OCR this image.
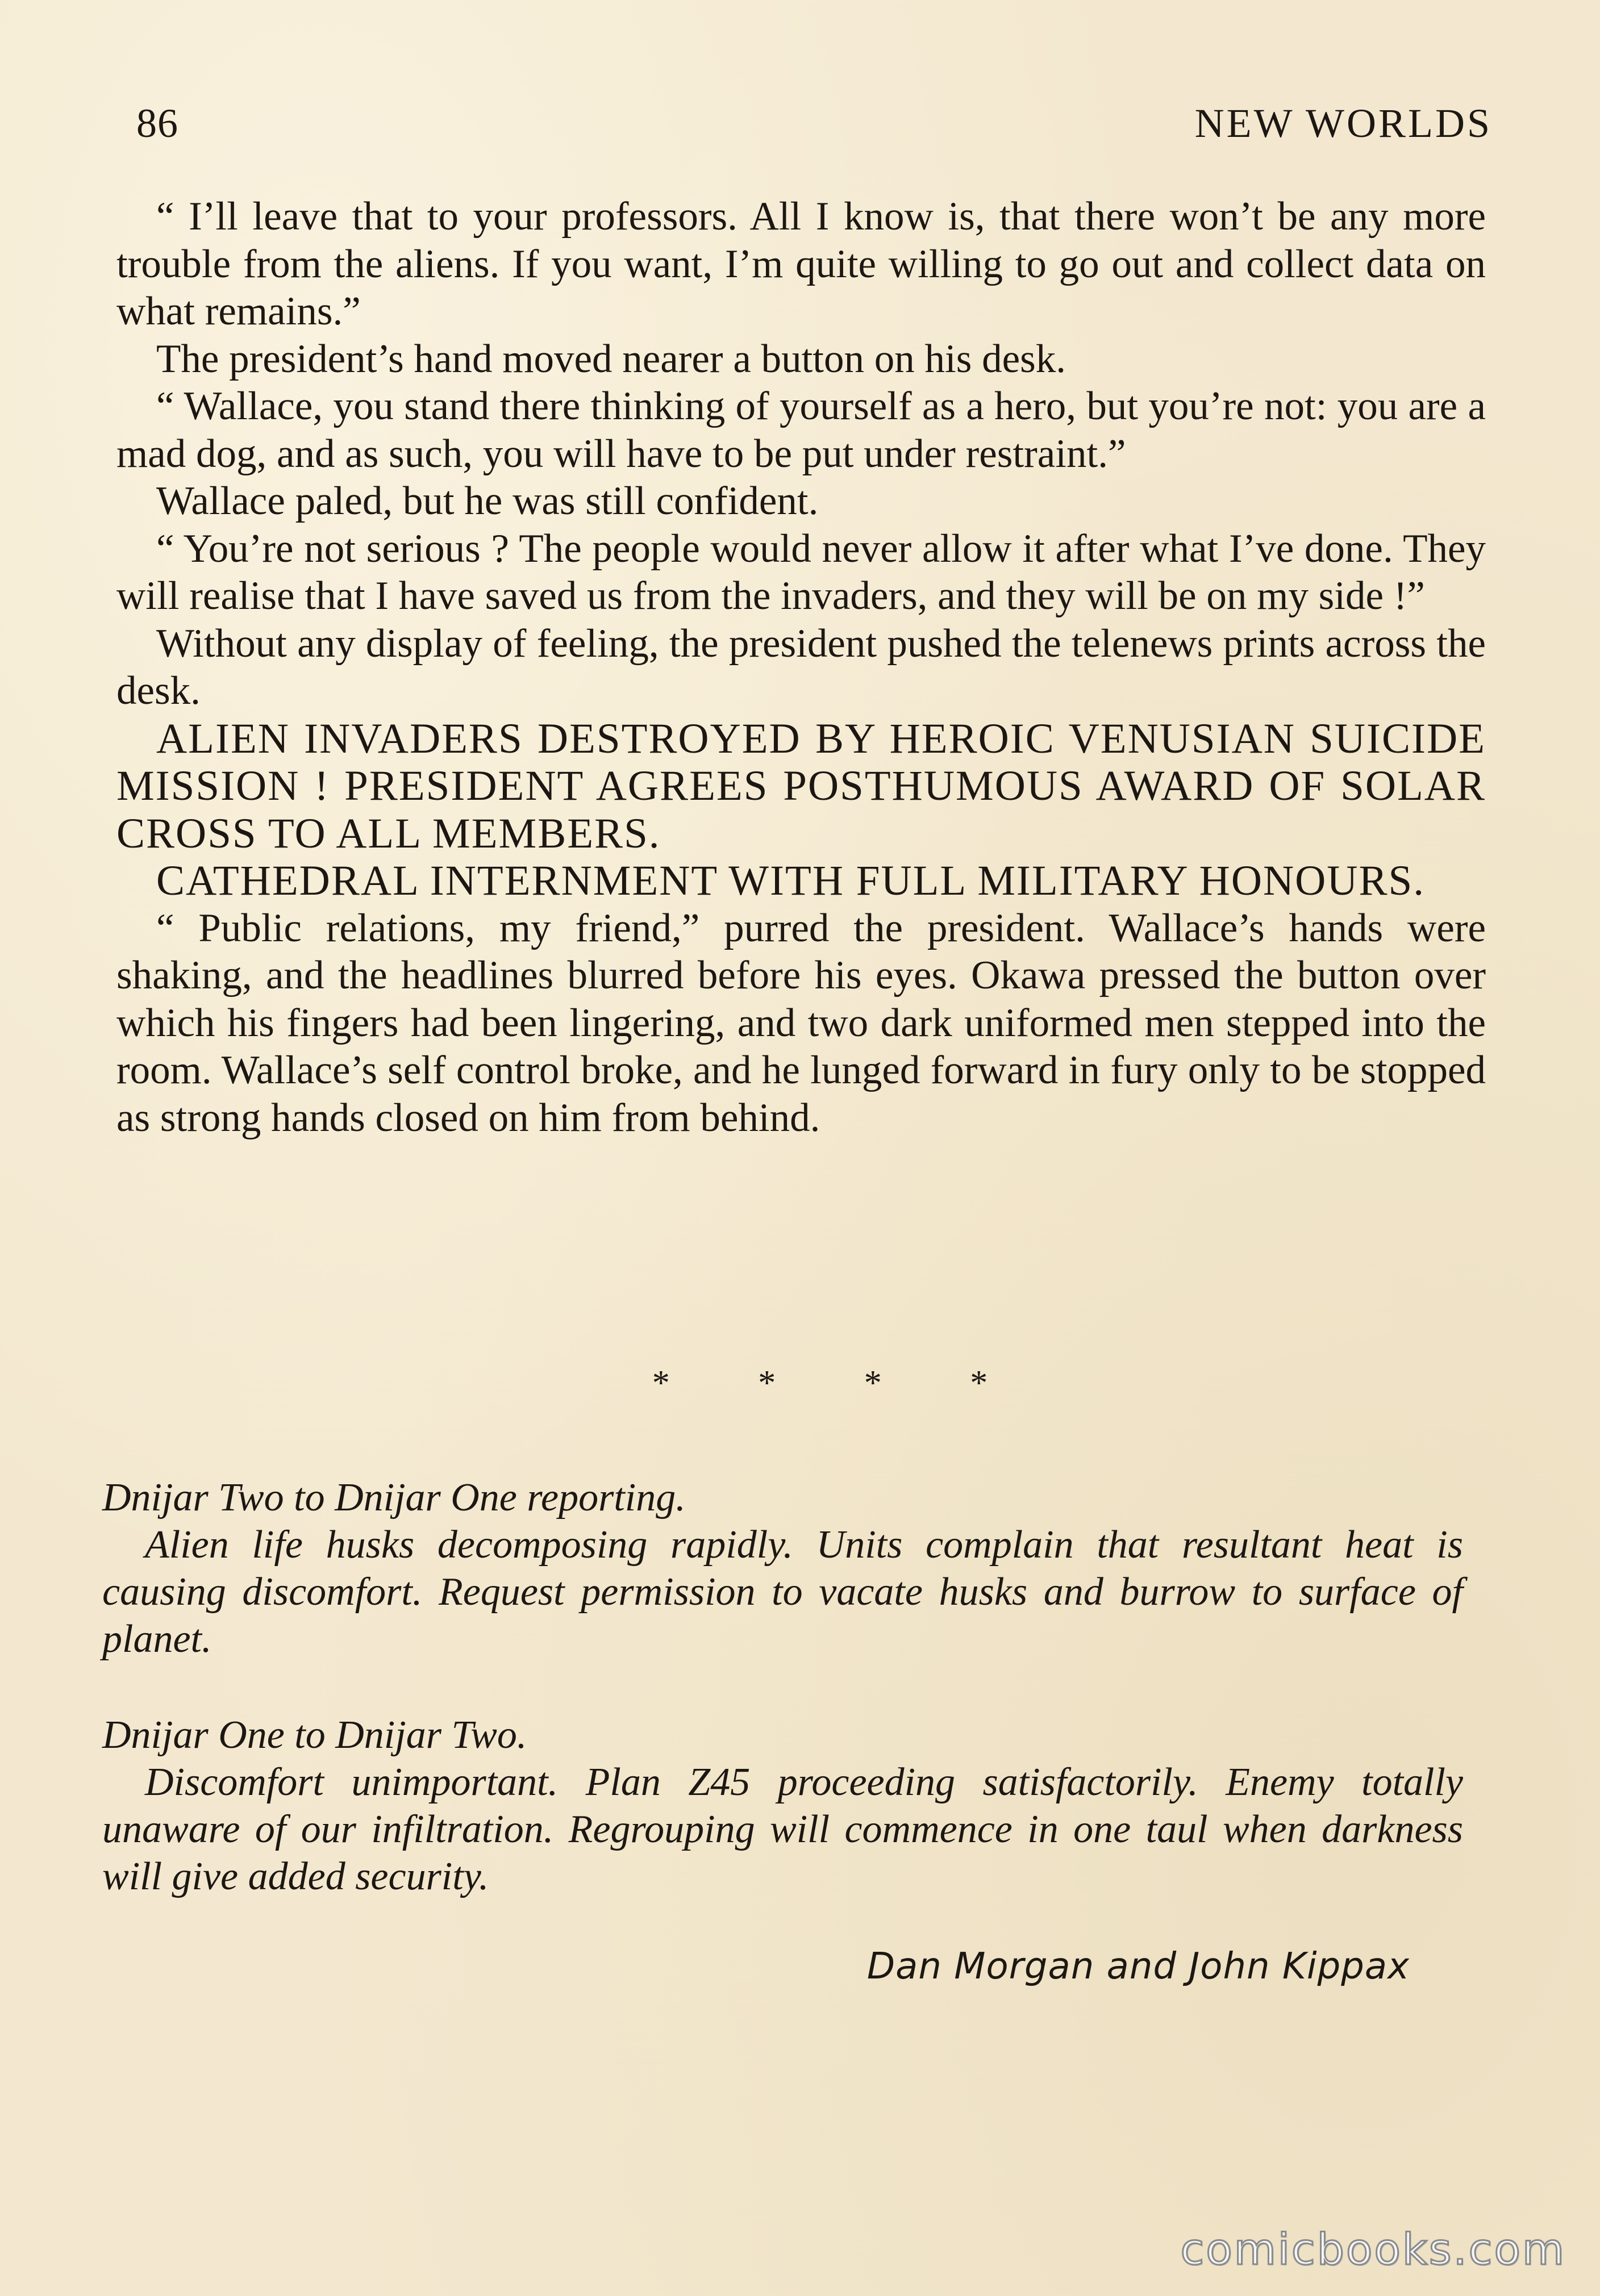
86	NEW WORLDS

“ I’ll leave that to your professors. All I know is, that there won’t be any more trouble from the aliens. If you want, I’m quite willing to go out and collect data on what remains.”

The president’s hand moved nearer a button on his desk.

“ Wallace, you stand there thinking of yourself as a hero, but you’re not: you are a mad dog, and as such, you will have to be put under restraint.”

Wallace paled, but he was still confident.

“ You’re not serious ? The people would never allow it after what I’ve done. They will realise that I have saved us from the invaders, and they will be on my side !”

Without any display of feeling, the president pushed the telenews prints across the desk.

ALIEN INVADERS DESTROYED BY HEROIC VENUSIAN SUICIDE MISSION ! PRESIDENT AGREES POSTHUMOUS AWARD OF SOLAR CROSS TO ALL MEMBERS.

CATHEDRAL INTERNMENT WITH FULL MILITARY HONOURS.

“ Public relations, my friend,” purred the president. Wallace’s hands were shaking, and the headlines blurred before his eyes. Okawa pressed the button over which his fingers had been lingering, and two dark uniformed men stepped into the room. Wallace’s self control broke, and he lunged forward in fury only to be stopped as strong hands closed on him from behind.

* * * *

Dnijar Two to Dnijar One reporting.

Alien life husks decomposing rapidly. Units complain that resultant heat is causing discomfort. Request permission to vacate husks and burrow to surface of planet.

Dnijar One to Dnijar Two.

Discomfort unimportant. Plan Z45 proceeding satisfactorily. Enemy totally unaware of our infiltration. Regrouping will commence in one taul when darkness will give added security.

Dan Morgan and John Kippax
comicbooks.com
